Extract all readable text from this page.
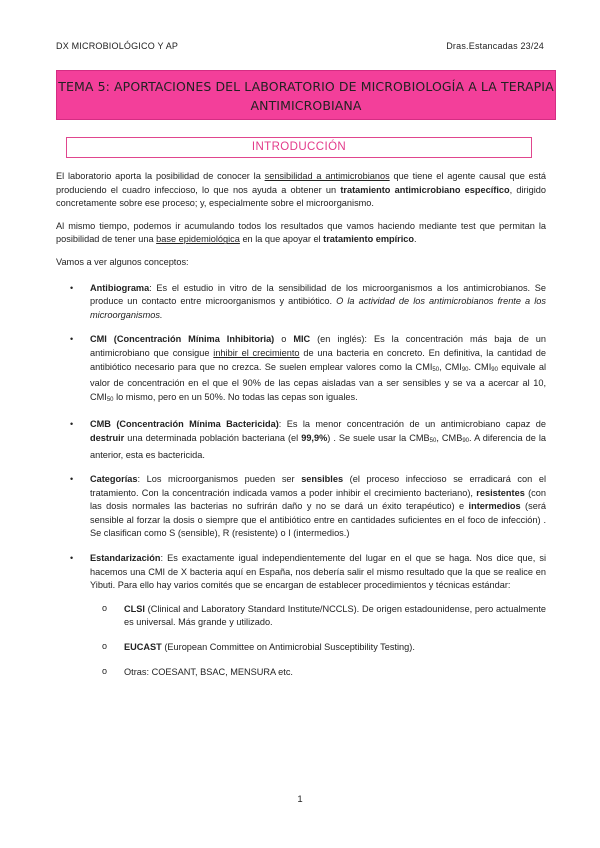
DX MICROBIOLÓGICO Y AP	Dras.Estancadas 23/24
TEMA 5: APORTACIONES DEL LABORATORIO DE MICROBIOLOGÍA A LA TERAPIA
ANTIMICROBIANA
INTRODUCCIÓN

El laboratorio aporta la posibilidad de conocer la sensibilidad a antimicrobianos que tiene el agente causal que está produciendo el cuadro infeccioso, lo que nos ayuda a obtener un tratamiento antimicrobiano específico, dirigido concretamente sobre ese proceso; y, especialmente sobre el microorganismo.

Al mismo tiempo, podemos ir acumulando todos los resultados que vamos haciendo mediante test que permitan la posibilidad de tener una base epidemiológica en la que apoyar el tratamiento empírico.

Vamos a ver algunos conceptos:

• Antibiograma: Es el estudio in vitro de la sensibilidad de los microorganismos a los antimicrobianos. Se produce un contacto entre microorganismos y antibiótico. O la actividad de los antimicrobianos frente a los microorganismos.
• CMI (Concentración Mínima Inhibitoria) o MIC (en inglés): Es la concentración más baja de un antimicrobiano que consigue inhibir el crecimiento de una bacteria en concreto. En definitiva, la cantidad de antibiótico necesario para que no crezca. Se suelen emplear valores como la $CMI_{50}$, $CMI_{90}$. $CMI_{90}$ equivale al valor de concentración en el que el 90% de las cepas aisladas van a ser sensibles y se va a acercar al 10, $CMI_{50}$ lo mismo, pero en un 50%. No todas las cepas son iguales.
• CMB (Concentración Mínima Bactericida): Es la menor concentración de un antimicrobiano capaz de destruir una determinada población bacteriana (el 99,9%) . Se suele usar la $CMB_{50}$, $CMB_{90}$. A diferencia de la anterior, esta es bactericida.
• Categorías: Los microorganismos pueden ser sensibles (el proceso infeccioso se erradicará con el tratamiento. Con la concentración indicada vamos a poder inhibir el crecimiento bacteriano), resistentes (con las dosis normales las bacterias no sufrirán daño y no se dará un éxito terapéutico) e intermedios (será sensible al forzar la dosis o siempre que el antibiótico entre en cantidades suficientes en el foco de infección) . Se clasifican como S (sensible), R (resistente) o I (intermedios.)
• Estandarización: Es exactamente igual independientemente del lugar en el que se haga. Nos dice que, si hacemos una CMI de X bacteria aquí en España, nos debería salir el mismo resultado que la que se realice en Yibuti. Para ello hay varios comités que se encargan de establecer procedimientos y técnicas estándar:
o CLSI (Clinical and Laboratory Standard Institute/NCCLS). De origen estadounidense, pero actualmente es universal. Más grande y utilizado.
o EUCAST (European Committee on Antimicrobial Susceptibility Testing).
o Otras: COESANT, BSAC, MENSURA etc.
1
